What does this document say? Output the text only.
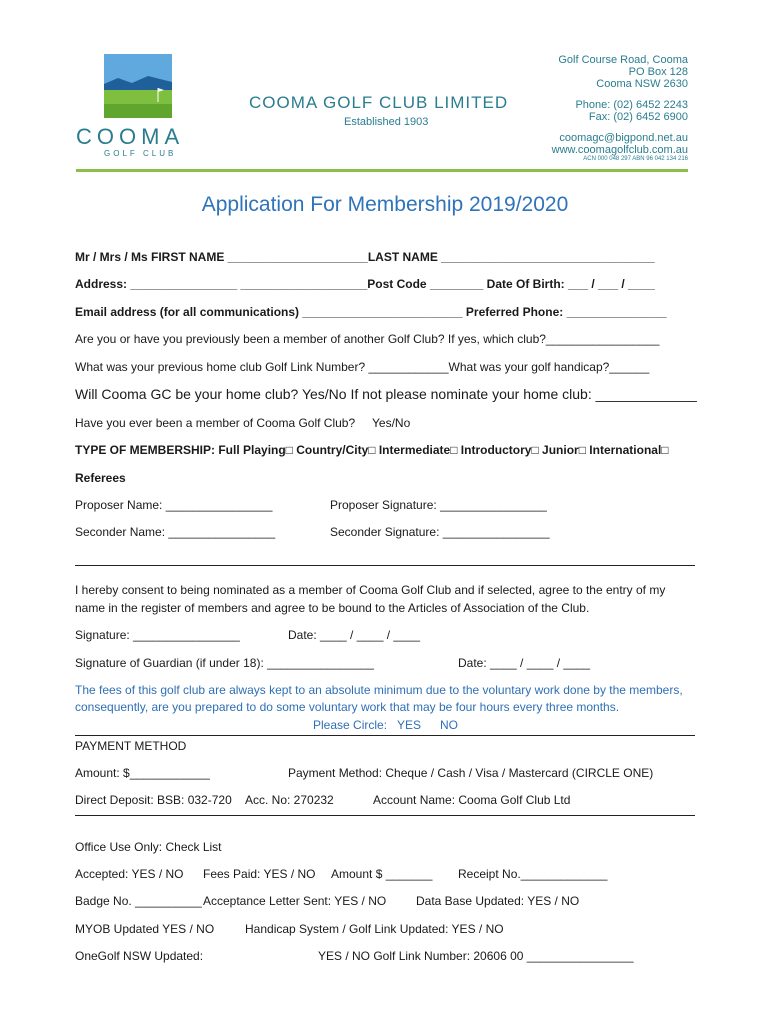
COOMA
GOLF CLUB
COOMA GOLF CLUB LIMITED
Established 1903
Golf Course Road, Cooma
PO Box 128
Cooma NSW 2630
Phone: (02) 6452 2243
Fax: (02) 6452 6900
coomagc@bigpond.net.au
www.coomagolfclub.com.au
ACN 000 048 297 ABN 96 042 134 216
Application For Membership 2019/2020
Mr / Mrs / Ms FIRST NAME _____________________LAST NAME ________________________________
Address: ________________ ___________________Post Code ________ Date Of Birth: ___ / ___ / ____
Email address (for all communications) ________________________ Preferred Phone: _______________
Are you or have you previously been a member of another Golf Club? If yes, which club?_________________
What was your previous home club Golf Link Number? ____________What was your golf handicap?______
Will Cooma GC be your home club? Yes/No If not please nominate your home club: _____________
Have you ever been a member of Cooma Golf Club? Yes/No
TYPE OF MEMBERSHIP: Full Playing□ Country/City□ Intermediate□ Introductory□ Junior□ International□
Referees
Proposer Name: ________________	Proposer Signature: ________________
Seconder Name: ________________	Seconder Signature: ________________
I hereby consent to being nominated as a member of Cooma Golf Club and if selected, agree to the entry of my
name in the register of members and agree to be bound to the Articles of Association of the Club.
Signature: ________________	Date: ____ / ____ / ____
Signature of Guardian (if under 18): ________________	Date: ____ / ____ / ____
The fees of this golf club are always kept to an absolute minimum due to the voluntary work done by the members,
consequently, are you prepared to do some voluntary work that may be four hours every three months.
Please Circle: YES NO
PAYMENT METHOD
Amount: $____________	Payment Method: Cheque / Cash / Visa / Mastercard (CIRCLE ONE)
Direct Deposit: BSB: 032-720 Acc. No: 270232	Account Name: Cooma Golf Club Ltd
Office Use Only: Check List
Accepted: YES / NO Fees Paid: YES / NO Amount $ _______ Receipt No._____________
Badge No. __________ Acceptance Letter Sent: YES / NO Data Base Updated: YES / NO
MYOB Updated YES / NO	Handicap System / Golf Link Updated: YES / NO
OneGolf NSW Updated:	YES / NO Golf Link Number: 20606 00 ________________
